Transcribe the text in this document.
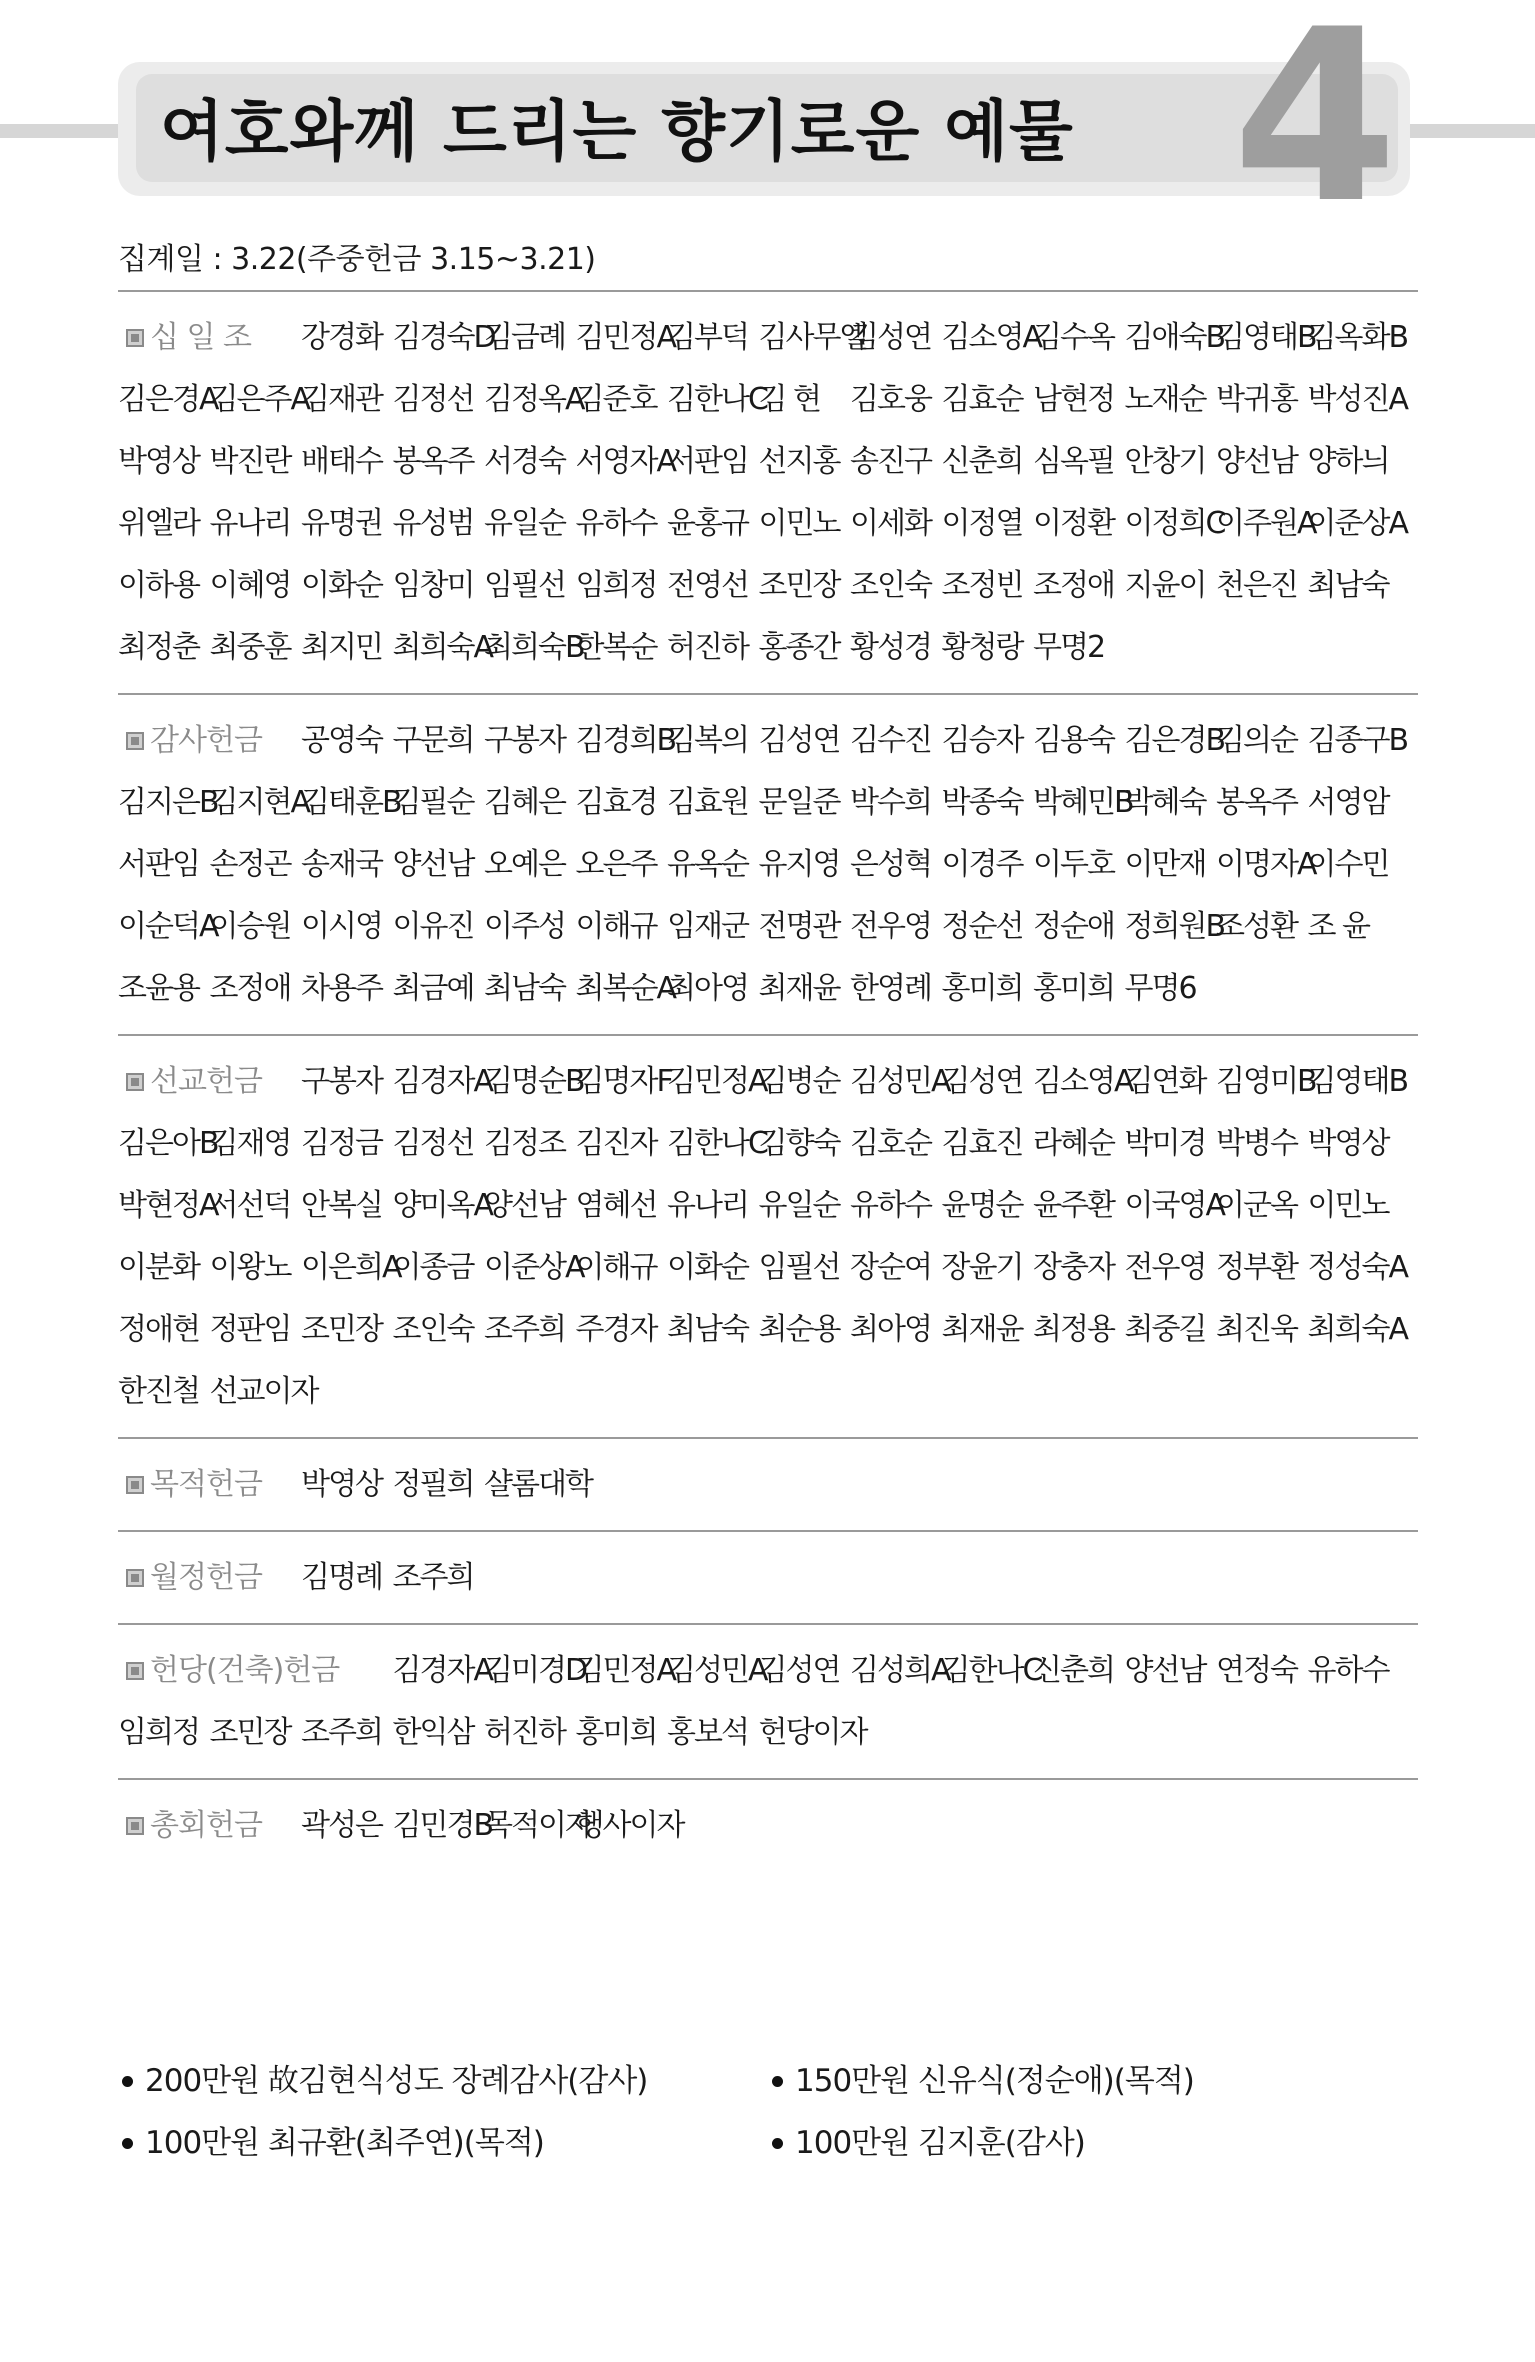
여호와께 드리는 향기로운 예물 4
집계일 : 3.22(주중헌금 3.15~3.21)
십 일 조 강경화 김경숙D
김금례 김민정A
김부덕 김사무엘
김성연 김소영A
김수옥 김애숙B
김영태B
김옥화B
김은경A
김은주A
김재관 김정선 김정옥A
김준호 김한나C
김 현	김호웅 김효순 남현정 노재순 박귀홍 박성진A
박영상 박진란 배태수 봉옥주 서경숙 서영자A
서판임 선지홍 송진구 신춘희 심옥필 안창기 양선남 양하늬
위엘라 유나리 유명권 유성범 유일순 유하수 윤홍규 이민노 이세화 이정열 이정환 이정희C
이주원A
이준상A
이하용 이혜영 이화순 임창미 임필선 임희정 전영선 조민장 조인숙 조정빈 조정애 지윤이 천은진 최남숙
최정춘 최중훈 최지민 최희숙A
최희숙B
한복순 허진하 홍종간 황성경 황청랑 무명2
감사헌금 공영숙 구문희 구봉자 김경희B
김복의 김성연 김수진 김승자 김용숙 김은경B
김의순 김종구B
김지은B
김지현A
김태훈B
김필순 김혜은 김효경 김효원 문일준 박수희 박종숙 박혜민B
박혜숙 봉옥주 서영암
서판임 손정곤 송재국 양선남 오예은 오은주 유옥순 유지영 은성혁 이경주 이두호 이만재 이명자A
이수민
이순덕A
이승원 이시영 이유진 이주성 이해규 임재군 전명관 전우영 정순선 정순애 정희원B
조성환 조 윤
조윤용 조정애 차용주 최금예 최남숙 최복순A
최아영 최재윤 한영례 홍미희 홍미희 무명6
선교헌금 구봉자 김경자A
김명순B
김명자F
김민정A
김병순 김성민A
김성연 김소영A
김연화 김영미B
김영태B
김은아B
김재영 김정금 김정선 김정조 김진자 김한나C
김향숙 김호순 김효진 라혜순 박미경 박병수 박영상
박현정A
서선덕 안복실 양미옥A
양선남 염혜선 유나리 유일순 유하수 윤명순 윤주환 이국영A
이군옥 이민노
이분화 이왕노 이은희A
이종금 이준상A
이해규 이화순 임필선 장순여 장윤기 장충자 전우영 정부환 정성숙A
정애현 정판임 조민장 조인숙 조주희 주경자 최남숙 최순용 최아영 최재윤 최정용 최중길 최진욱 최희숙A
한진철 선교이자
목적헌금 박영상 정필희 샬롬대학
월정헌금 김명례 조주희
헌당(건축)헌금 김경자A
김미경D
김민정A
김성민A
김성연 김성희A
김한나C
신춘희 양선남 연정숙 유하수
임희정 조민장 조주희 한익삼 허진하 홍미희 홍보석 헌당이자
총회헌금 곽성은 김민경B
목적이자
행사이자
200만원 故김현식성도 장례감사(감사)	150만원 신유식(정순애)(목적)
100만원 최규환(최주연)(목적)	100만원 김지훈(감사)
